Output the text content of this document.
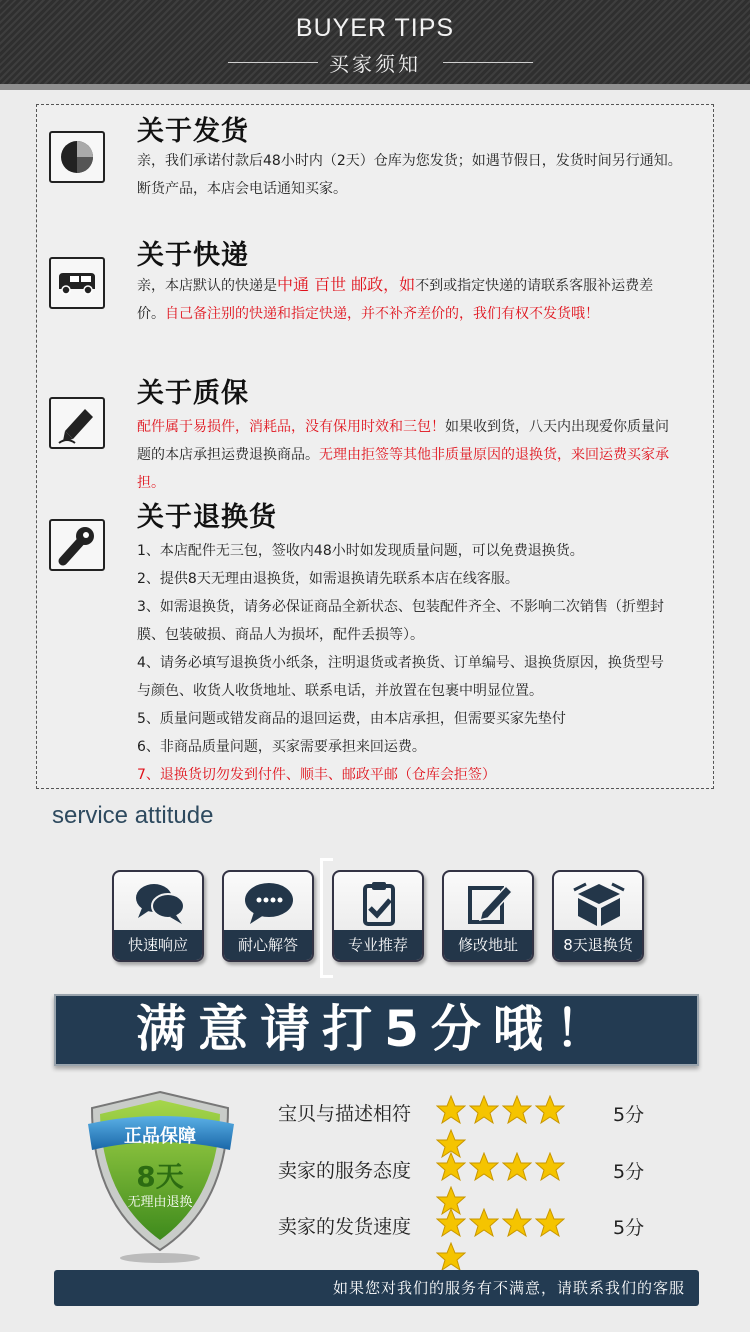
BUYER TIPS
买家须知
关于发货

亲，我们承诺付款后48小时内（2天）仓库为您发货；如遇节假日，发货时间另行通知。

断货产品，本店会电话通知买家。

关于快递

亲，本店默认的快递是中通 百世 邮政，如不到或指定快递的请联系客服补运费差

价。自己备注别的快递和指定快递，并不补齐差价的，我们有权不发货哦！

关于质保

配件属于易损件，消耗品，没有保用时效和三包！如果收到货，八天内出现爱你质量问

题的本店承担运费退换商品。无理由拒签等其他非质量原因的退换货，来回运费买家承

担。

关于退换货

1、本店配件无三包，签收内48小时如发现质量问题，可以免费退换货。

2、提供8天无理由退换货，如需退换请先联系本店在线客服。

3、如需退换货，请务必保证商品全新状态、包装配件齐全、不影响二次销售（折塑封

膜、包装破损、商品人为损坏，配件丢损等）。

4、请务必填写退换货小纸条，注明退货或者换货、订单编号、退换货原因，换货型号

与颜色、收货人收货地址、联系电话，并放置在包裹中明显位置。

5、质量问题或错发商品的退回运费，由本店承担，但需要买家先垫付

6、非商品质量问题，买家需要承担来回运费。

7、退换货切勿发到付件、顺丰、邮政平邮（仓库会拒签）

service attitude
快速响应	耐心解答	专业推荐	修改地址	8天退换货
满意请打5分哦！
正品保障
8天
无理由退换
宝贝与描述相符	5分
卖家的服务态度	5分
卖家的发货速度	5分
如果您对我们的服务有不满意，请联系我们的客服
